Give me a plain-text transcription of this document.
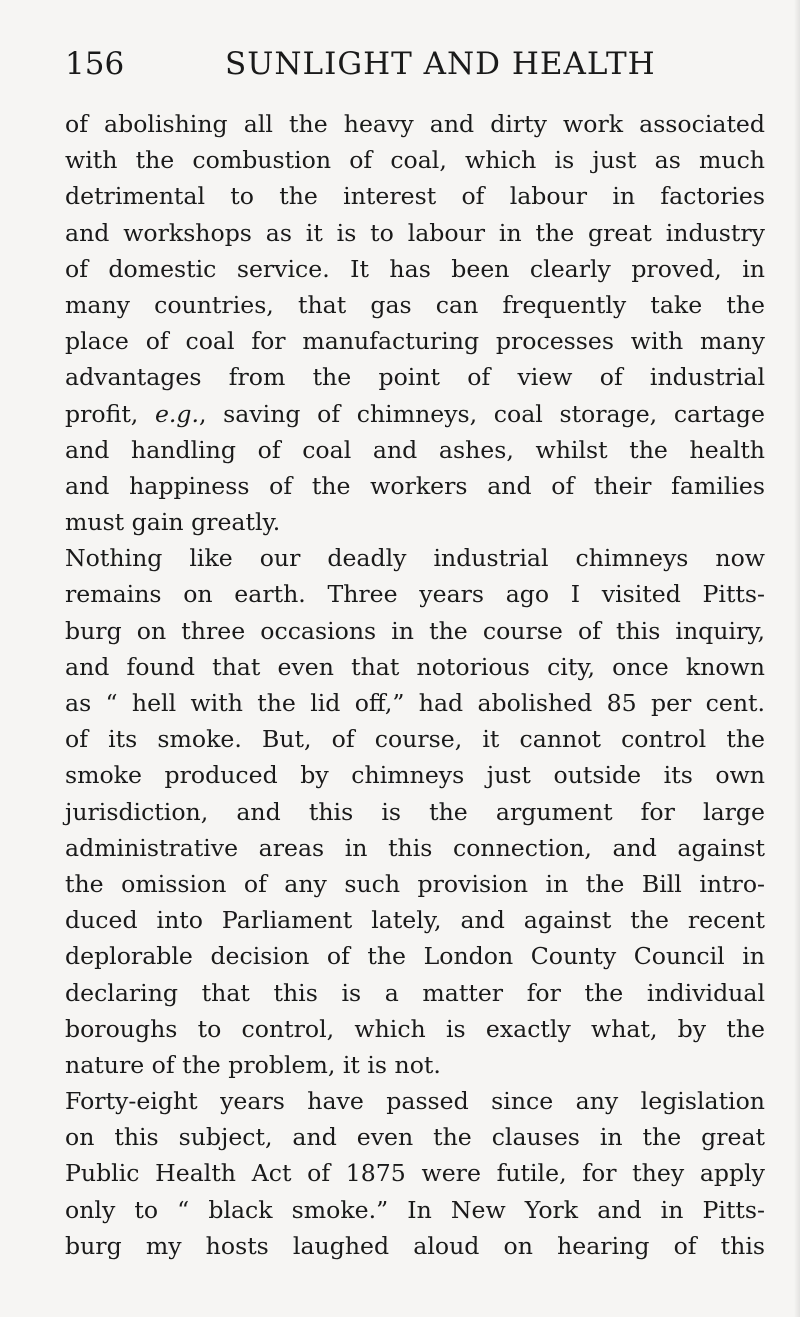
156	SUNLIGHT AND HEALTH
of abolishing all the heavy and dirty work associated
with the combustion of coal, which is just as much
detrimental to the interest of labour in factories
and workshops as it is to labour in the great industry
of domestic service. It has been clearly proved, in
many countries, that gas can frequently take the
place of coal for manufacturing processes with many
advantages from the point of view of industrial
profit, e.g., saving of chimneys, coal storage, cartage
and handling of coal and ashes, whilst the health
and happiness of the workers and of their families
must gain greatly.
Nothing like our deadly industrial chimneys now
remains on earth. Three years ago I visited Pitts-
burg on three occasions in the course of this inquiry,
and found that even that notorious city, once known
as “ hell with the lid off,” had abolished 85 per cent.
of its smoke. But, of course, it cannot control the
smoke produced by chimneys just outside its own
jurisdiction, and this is the argument for large
administrative areas in this connection, and against
the omission of any such provision in the Bill intro-
duced into Parliament lately, and against the recent
deplorable decision of the London County Council in
declaring that this is a matter for the individual
boroughs to control, which is exactly what, by the
nature of the problem, it is not.
Forty-eight years have passed since any legislation
on this subject, and even the clauses in the great
Public Health Act of 1875 were futile, for they apply
only to “ black smoke.” In New York and in Pitts-
burg my hosts laughed aloud on hearing of this
